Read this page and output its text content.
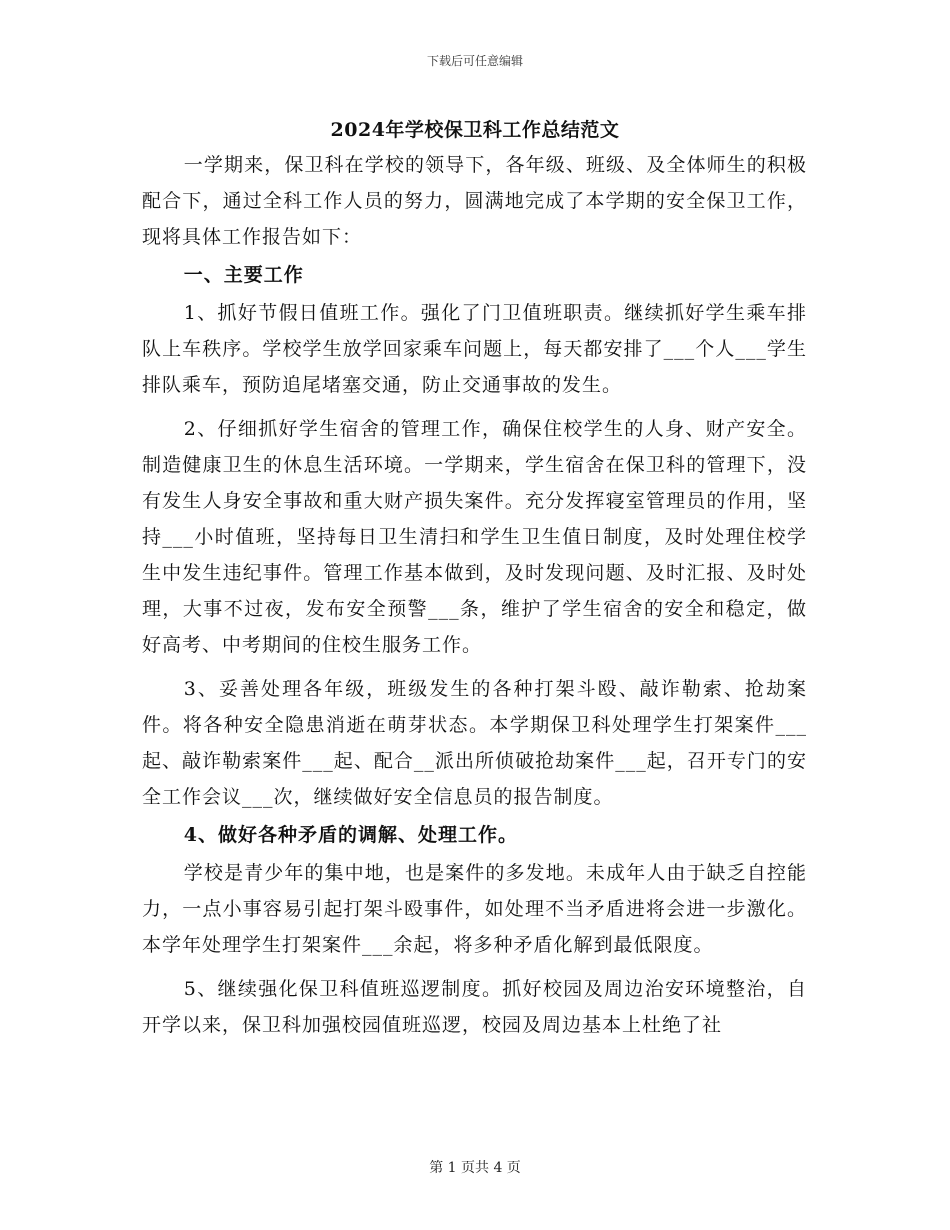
下载后可任意编辑
2024年学校保卫科工作总结范文

一学期来，保卫科在学校的领导下，各年级、班级、及全体师生的积极配合下，通过全科工作人员的努力，圆满地完成了本学期的安全保卫工作，现将具体工作报告如下：

一、主要工作

1、抓好节假日值班工作。强化了门卫值班职责。继续抓好学生乘车排队上车秩序。学校学生放学回家乘车问题上，每天都安排了___个人___学生排队乘车，预防追尾堵塞交通，防止交通事故的发生。

2、仔细抓好学生宿舍的管理工作，确保住校学生的人身、财产安全。制造健康卫生的休息生活环境。一学期来，学生宿舍在保卫科的管理下，没有发生人身安全事故和重大财产损失案件。充分发挥寝室管理员的作用，坚持___小时值班，坚持每日卫生清扫和学生卫生值日制度，及时处理住校学生中发生违纪事件。管理工作基本做到，及时发现问题、及时汇报、及时处理，大事不过夜，发布安全预警___条，维护了学生宿舍的安全和稳定，做好高考、中考期间的住校生服务工作。

3、妥善处理各年级，班级发生的各种打架斗殴、敲诈勒索、抢劫案件。将各种安全隐患消逝在萌芽状态。本学期保卫科处理学生打架案件___起、敲诈勒索案件___起、配合__派出所侦破抢劫案件___起，召开专门的安全工作会议___次，继续做好安全信息员的报告制度。

4、做好各种矛盾的调解、处理工作。

学校是青少年的集中地，也是案件的多发地。未成年人由于缺乏自控能力，一点小事容易引起打架斗殴事件，如处理不当矛盾进将会进一步激化。本学年处理学生打架案件___余起，将多种矛盾化解到最低限度。

5、继续强化保卫科值班巡逻制度。抓好校园及周边治安环境整治，自开学以来，保卫科加强校园值班巡逻，校园及周边基本上杜绝了社

第 1 页共 4 页
